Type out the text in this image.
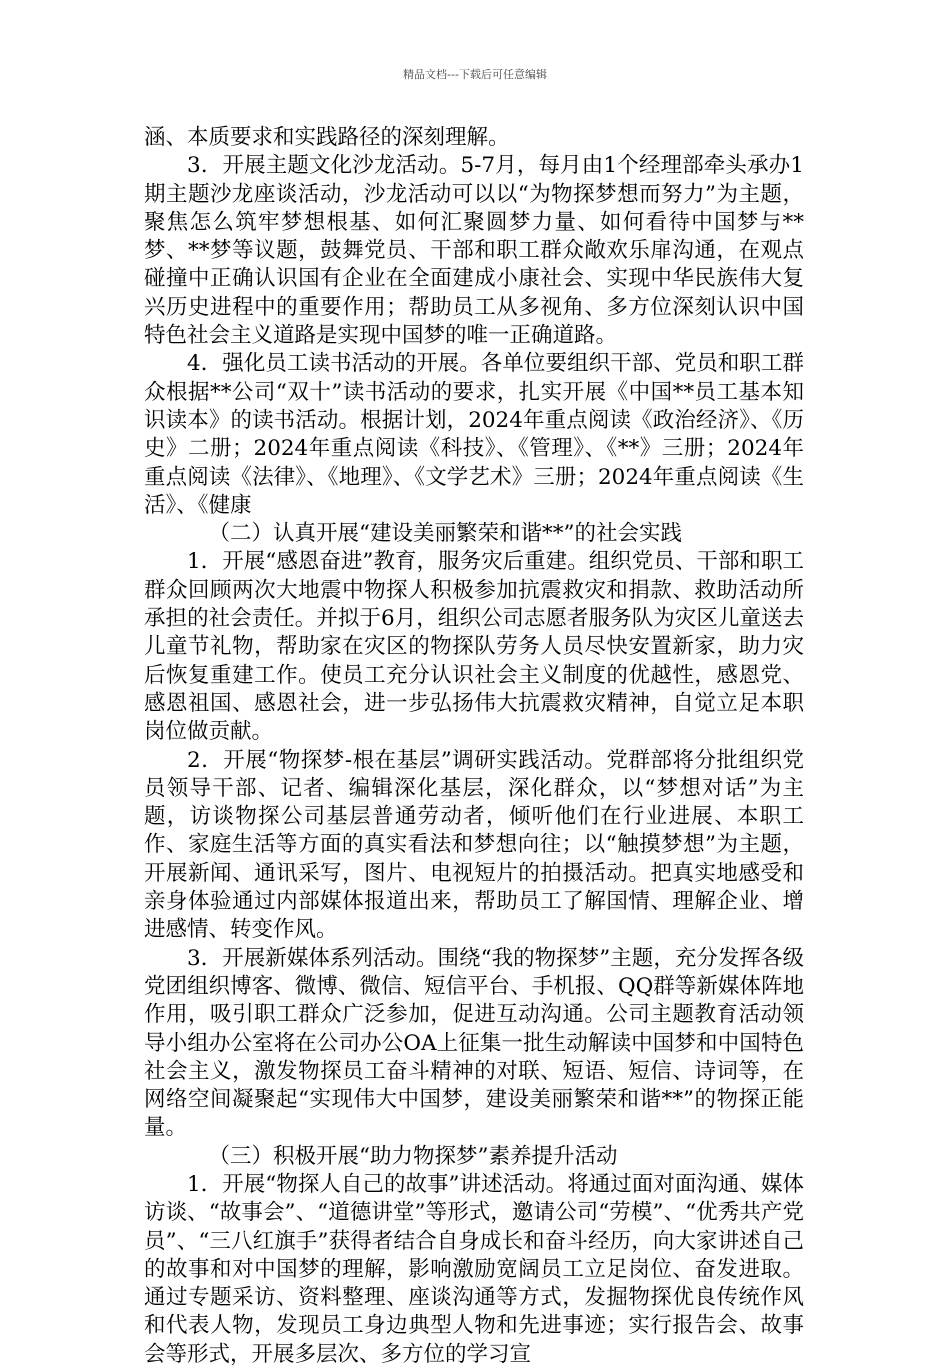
精品文档---下载后可任意编辑

涵、本质要求和实践路径的深刻理解。

3．开展主题文化沙龙活动。5-7月，每月由1个经理部牵头承办1期主题沙龙座谈活动，沙龙活动可以以“为物探梦想而努力”为主题，聚焦怎么筑牢梦想根基、如何汇聚圆梦力量、如何看待中国梦与**梦、**梦等议题，鼓舞党员、干部和职工群众敞欢乐扉沟通，在观点碰撞中正确认识国有企业在全面建成小康社会、实现中华民族伟大复兴历史进程中的重要作用；帮助员工从多视角、多方位深刻认识中国特色社会主义道路是实现中国梦的唯一正确道路。

4．强化员工读书活动的开展。各单位要组织干部、党员和职工群众根据**公司“双十”读书活动的要求，扎实开展《中国**员工基本知识读本》的读书活动。根据计划，2024年重点阅读《政治经济》、《历史》二册；2024年重点阅读《科技》、《管理》、《**》三册；2024年重点阅读《法律》、《地理》、《文学艺术》三册；2024年重点阅读《生活》、《健康

（二）认真开展“建设美丽繁荣和谐**”的社会实践

1．开展“感恩奋进”教育，服务灾后重建。组织党员、干部和职工群众回顾两次大地震中物探人积极参加抗震救灾和捐款、救助活动所承担的社会责任。并拟于6月，组织公司志愿者服务队为灾区儿童送去儿童节礼物，帮助家在灾区的物探队劳务人员尽快安置新家，助力灾后恢复重建工作。使员工充分认识社会主义制度的优越性，感恩党、感恩祖国、感恩社会，进一步弘扬伟大抗震救灾精神，自觉立足本职岗位做贡献。

2．开展“物探梦-根在基层”调研实践活动。党群部将分批组织党员领导干部、记者、编辑深化基层，深化群众，以“梦想对话”为主题，访谈物探公司基层普通劳动者，倾听他们在行业进展、本职工作、家庭生活等方面的真实看法和梦想向往；以“触摸梦想”为主题，开展新闻、通讯采写，图片、电视短片的拍摄活动。把真实地感受和亲身体验通过内部媒体报道出来，帮助员工了解国情、理解企业、增进感情、转变作风。

3．开展新媒体系列活动。围绕“我的物探梦”主题，充分发挥各级党团组织博客、微博、微信、短信平台、手机报、QQ群等新媒体阵地作用，吸引职工群众广泛参加，促进互动沟通。公司主题教育活动领导小组办公室将在公司办公OA上征集一批生动解读中国梦和中国特色社会主义，激发物探员工奋斗精神的对联、短语、短信、诗词等，在网络空间凝聚起“实现伟大中国梦，建设美丽繁荣和谐**”的物探正能量。

（三）积极开展“助力物探梦”素养提升活动

1．开展“物探人自己的故事”讲述活动。将通过面对面沟通、媒体访谈、“故事会”、“道德讲堂”等形式，邀请公司“劳模”、“优秀共产党员”、“三八红旗手”获得者结合自身成长和奋斗经历，向大家讲述自己的故事和对中国梦的理解，影响激励宽阔员工立足岗位、奋发进取。通过专题采访、资料整理、座谈沟通等方式，发掘物探优良传统作风和代表人物，发现员工身边典型人物和先进事迹；实行报告会、故事会等形式，开展多层次、多方位的学习宣
